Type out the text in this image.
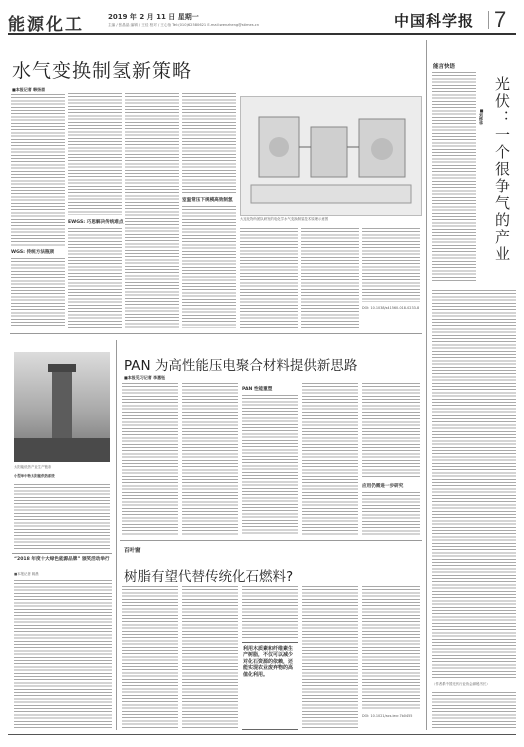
能源化工	2019 年 2 月 11 日 星期一
主编 / 张晶晶 编辑 / 王佳 校对 / 王心怡 Tel:(010)62580621 E-mail:wenzheng@stimes.cn	中国科学报 7
水气变换制氢新策略
■本报记者 韩扬眉
WGS: 传统方法瓶颈
EWGS: 巧思解决传统难点
室温常压下规模高效制氢
大连化物所团队研发的电化学水气变换制氢技术原理示意图
DOI: 10.1038/s41560-018-0233-8
能言快语
光伏：一个很争气的产业
■刘烨华
（作者系中国光伏行业协会副秘书长）
太阳能低热产业生产链条
小型单中物太阳能供热系统
“2018 年度十大绿色能源品牌” 颁奖活动举行
■本报记者 姚晨
PAN 为高性能压电聚合材料提供新思路
■本报见习记者 李惠钰
PAN 性能重塑
应用仍需进一步研究
百叶窗
树脂有望代替传统化石燃料?
利用木质素和纤维素生产树脂，不仅可以减少对化石资源的依赖，还能实现农业废弃物的高值化利用。
DOI: 10.1021/acs.iecr.7b0455
